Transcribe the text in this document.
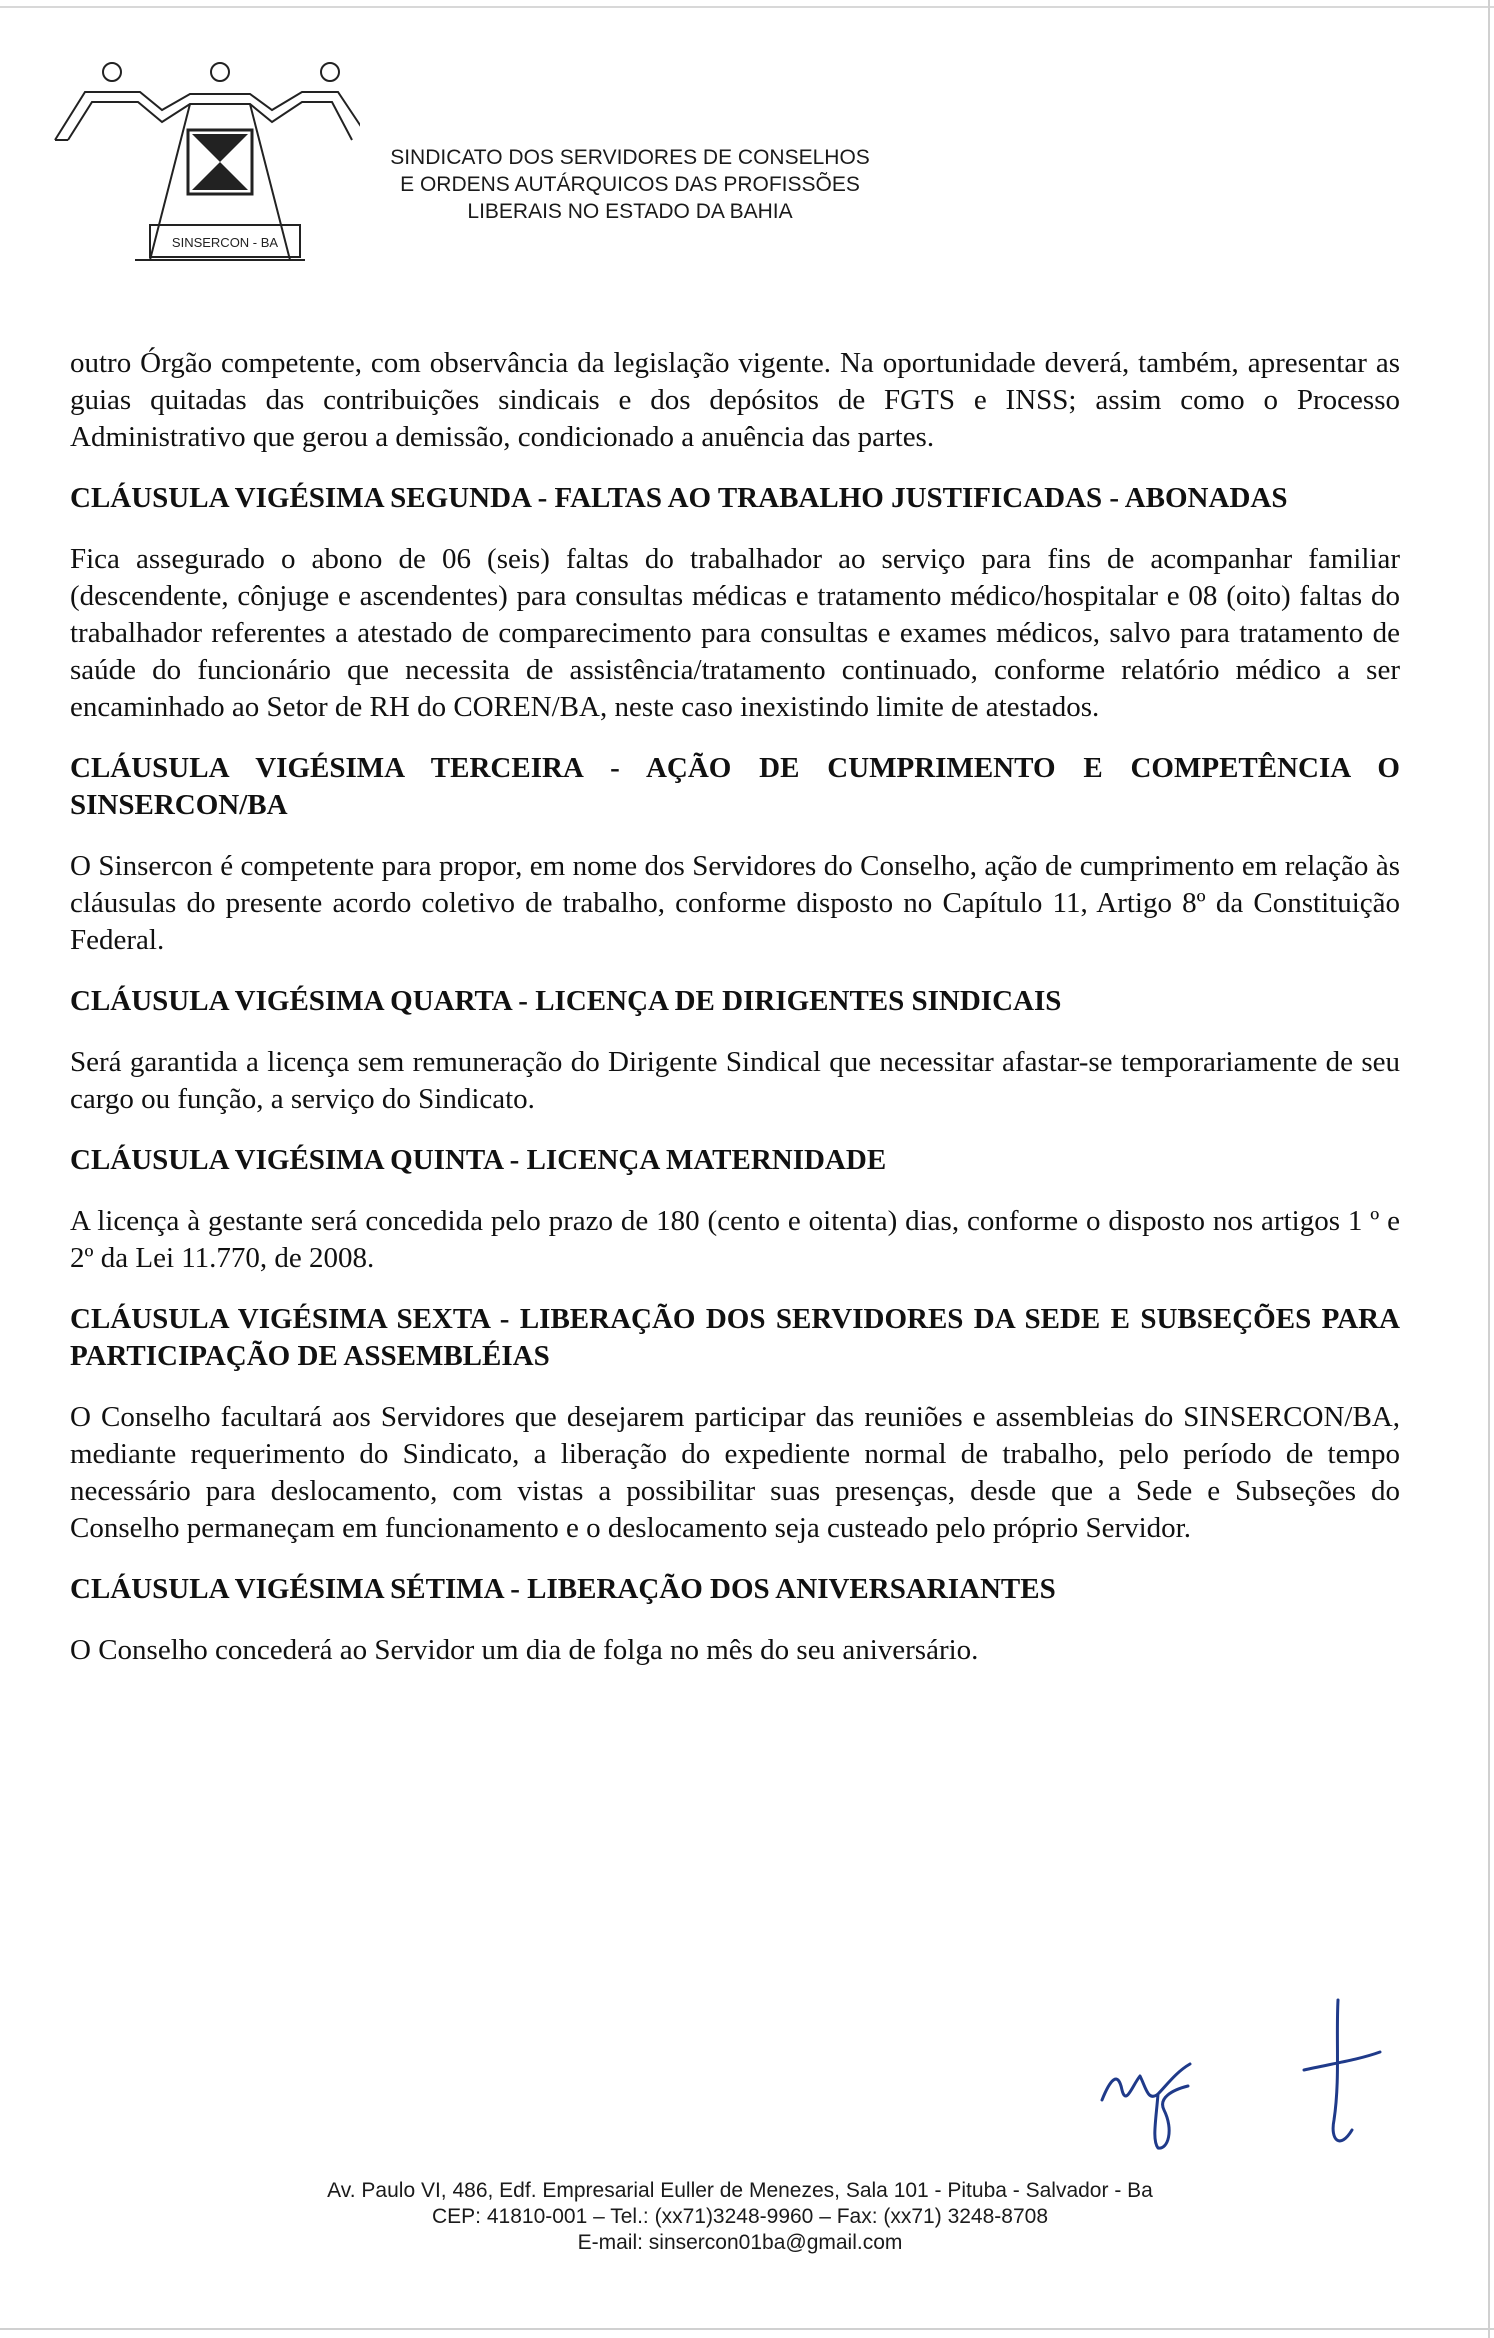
SINSERCON - BA
SINDICATO DOS SERVIDORES DE CONSELHOS
E ORDENS AUTÁRQUICOS DAS PROFISSÕES
LIBERAIS NO ESTADO DA BAHIA

outro Órgão competente, com observância da legislação vigente. Na oportunidade deverá, também, apresentar as guias quitadas das contribuições sindicais e dos depósitos de FGTS e INSS; assim como o Processo Administrativo que gerou a demissão, condicionado a anuência das partes.

CLÁUSULA VIGÉSIMA SEGUNDA - FALTAS AO TRABALHO JUSTIFICADAS - ABONADAS

Fica assegurado o abono de 06 (seis) faltas do trabalhador ao serviço para fins de acompanhar familiar (descendente, cônjuge e ascendentes) para consultas médicas e tratamento médico/hospitalar e 08 (oito) faltas do trabalhador referentes a atestado de comparecimento para consultas e exames médicos, salvo para tratamento de saúde do funcionário que necessita de assistência/tratamento continuado, conforme relatório médico a ser encaminhado ao Setor de RH do COREN/BA, neste caso inexistindo limite de atestados.

CLÁUSULA VIGÉSIMA TERCEIRA - AÇÃO DE CUMPRIMENTO E COMPETÊNCIA O SINSERCON/BA

O Sinsercon é competente para propor, em nome dos Servidores do Conselho, ação de cumprimento em relação às cláusulas do presente acordo coletivo de trabalho, conforme disposto no Capítulo 11, Artigo 8º da Constituição Federal.

CLÁUSULA VIGÉSIMA QUARTA - LICENÇA DE DIRIGENTES SINDICAIS

Será garantida a licença sem remuneração do Dirigente Sindical que necessitar afastar-se temporariamente de seu cargo ou função, a serviço do Sindicato.

CLÁUSULA VIGÉSIMA QUINTA - LICENÇA MATERNIDADE

A licença à gestante será concedida pelo prazo de 180 (cento e oitenta) dias, conforme o disposto nos artigos 1 º e 2º da Lei 11.770, de 2008.

CLÁUSULA VIGÉSIMA SEXTA - LIBERAÇÃO DOS SERVIDORES DA SEDE E SUBSEÇÕES PARA PARTICIPAÇÃO DE ASSEMBLÉIAS

O Conselho facultará aos Servidores que desejarem participar das reuniões e assembleias do SINSERCON/BA, mediante requerimento do Sindicato, a liberação do expediente normal de trabalho, pelo período de tempo necessário para deslocamento, com vistas a possibilitar suas presenças, desde que a Sede e Subseções do Conselho permaneçam em funcionamento e o deslocamento seja custeado pelo próprio Servidor.

CLÁUSULA VIGÉSIMA SÉTIMA - LIBERAÇÃO DOS ANIVERSARIANTES

O Conselho concederá ao Servidor um dia de folga no mês do seu aniversário.

Av. Paulo VI, 486, Edf. Empresarial Euller de Menezes, Sala 101 - Pituba - Salvador - Ba
CEP: 41810-001 – Tel.: (xx71)3248-9960 – Fax: (xx71) 3248-8708
E-mail: sinsercon01ba@gmail.com
